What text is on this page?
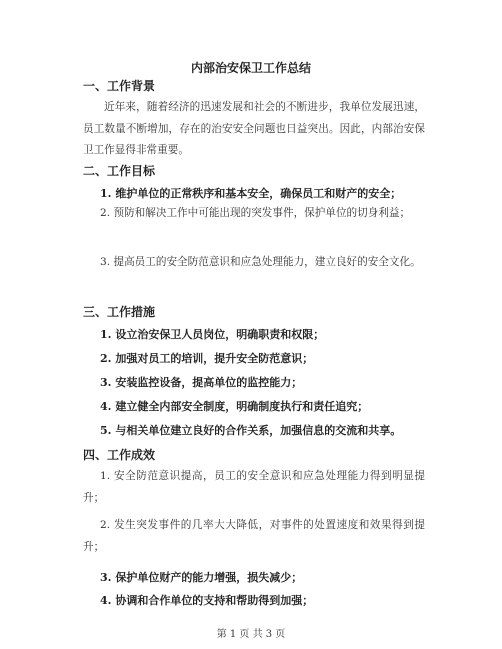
内部治安保卫工作总结
一、工作背景
近年来，随着经济的迅速发展和社会的不断进步，我单位发展迅速，员工数量不断增加，存在的治安安全问题也日益突出。因此，内部治安保卫工作显得非常重要。
二、工作目标
1. 维护单位的正常秩序和基本安全，确保员工和财产的安全；
2. 预防和解决工作中可能出现的突发事件，保护单位的切身利益；
3. 提高员工的安全防范意识和应急处理能力，建立良好的安全文化。
三、工作措施
1. 设立治安保卫人员岗位，明确职责和权限；
2. 加强对员工的培训，提升安全防范意识；
3. 安装监控设备，提高单位的监控能力；
4. 建立健全内部安全制度，明确制度执行和责任追究；
5. 与相关单位建立良好的合作关系，加强信息的交流和共享。
四、工作成效
1. 安全防范意识提高，员工的安全意识和应急处理能力得到明显提升；
2. 发生突发事件的几率大大降低，对事件的处置速度和效果得到提升；
3. 保护单位财产的能力增强，损失减少；
4. 协调和合作单位的支持和帮助得到加强；
第 1 页 共 3 页
